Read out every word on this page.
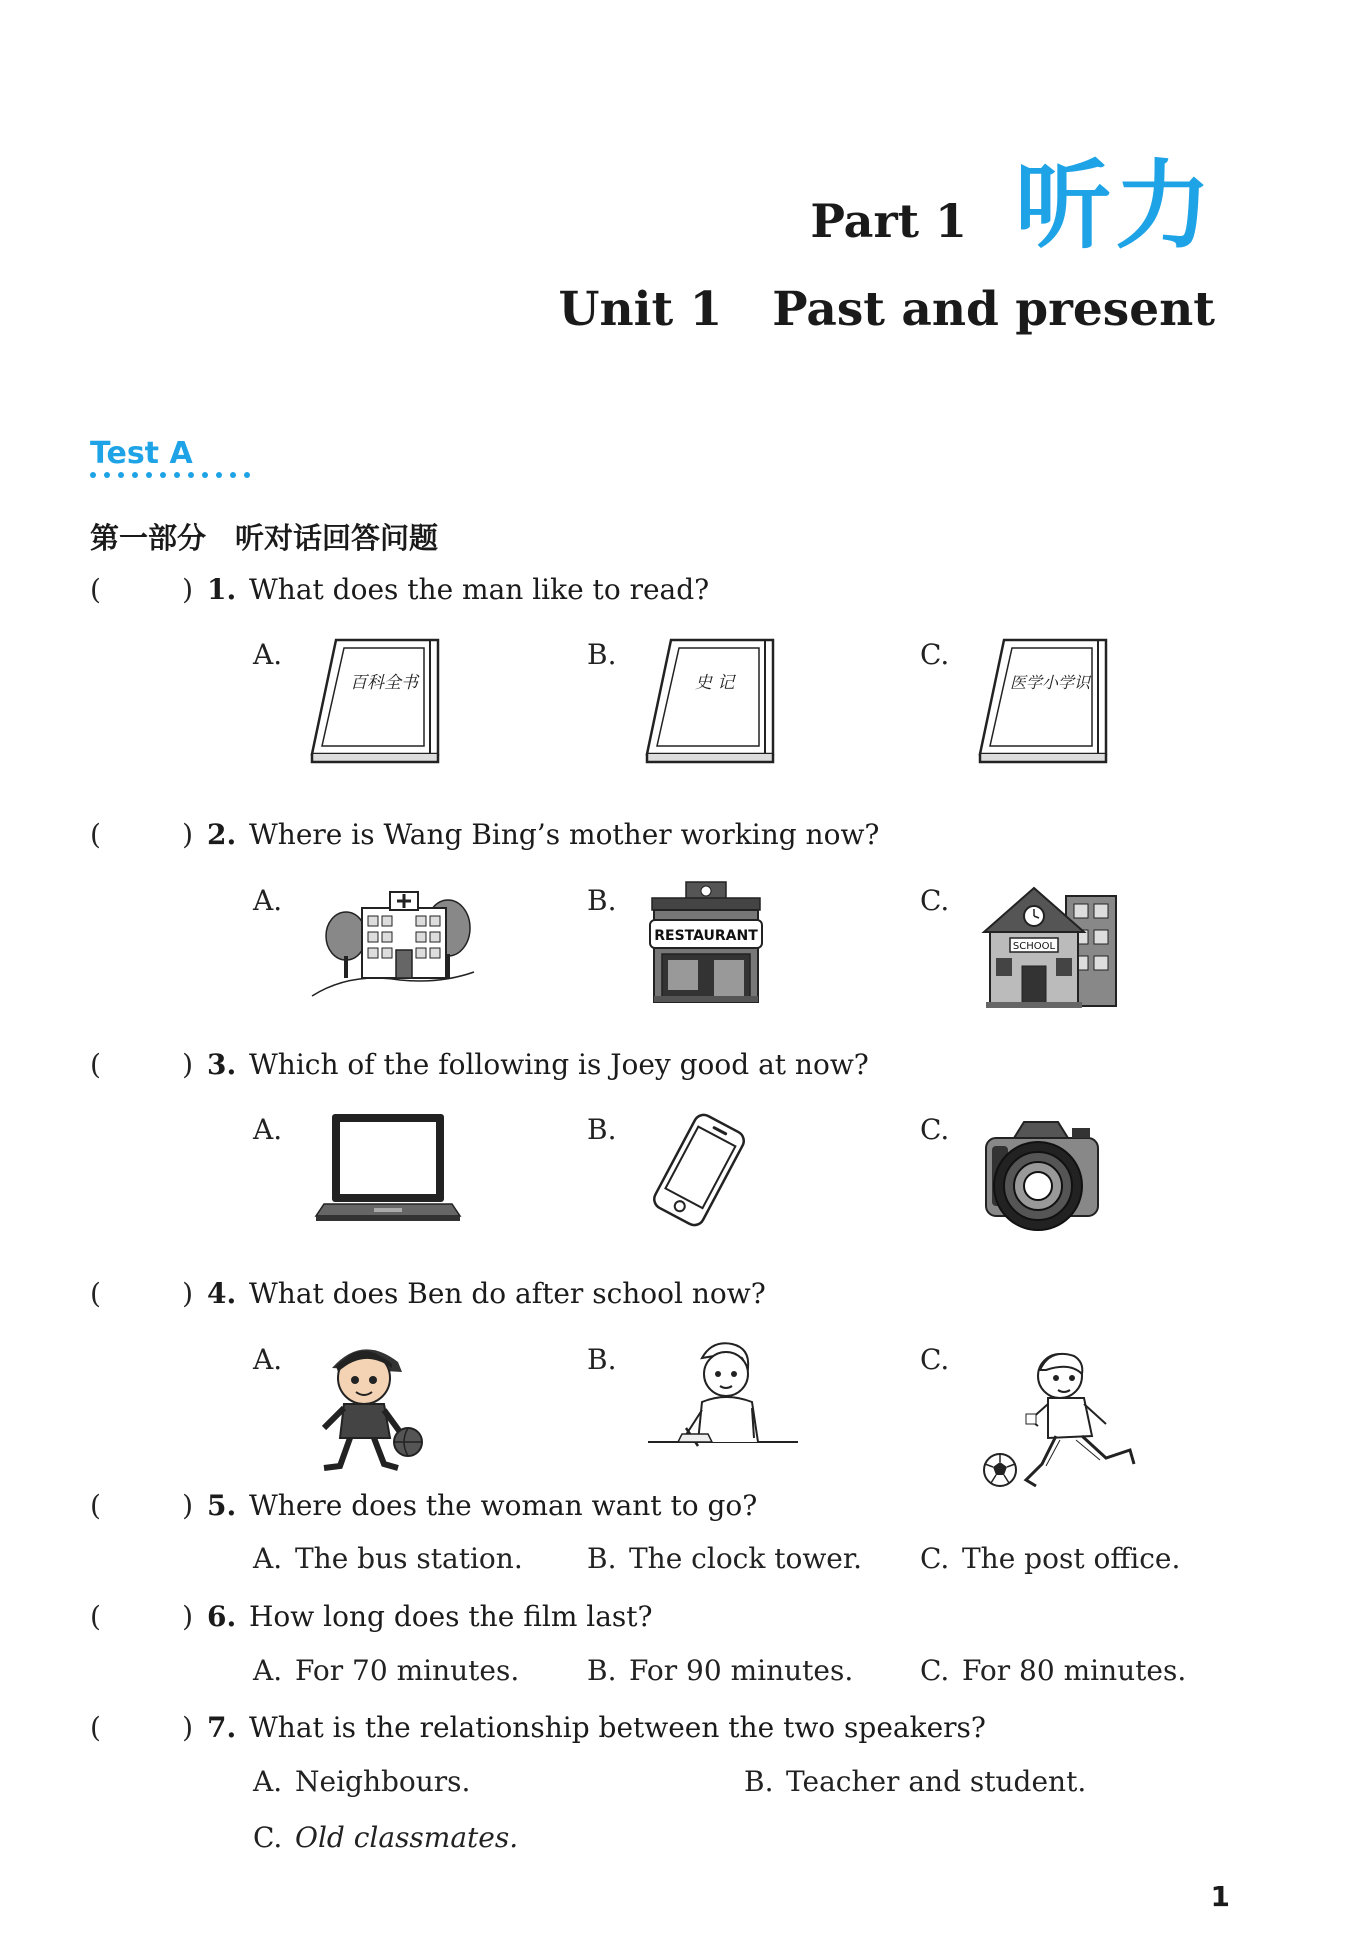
Part 1 听力
Unit 1 Past and present
Test A
第一部分　听对话回答问题
(	) 1. What does the man like to read?
A.	B.	C.
百科全书	史 记	医学小学识
(	) 2. Where is Wang Bing’s mother working now?
A.	B.	C.
RESTAURANT
SCHOOL
(	) 3. Which of the following is Joey good at now?
A.	B.	C.
(	) 4. What does Ben do after school now?
A.	B.	C.
(	) 5. Where does the woman want to go?
A. The bus station. B. The clock tower. C. The post office.
(	) 6. How long does the film last?
A. For 70 minutes. B. For 90 minutes. C. For 80 minutes.
(	) 7. What is the relationship between the two speakers?
A. Neighbours.	B. Teacher and student.
C. Old classmates.
1
